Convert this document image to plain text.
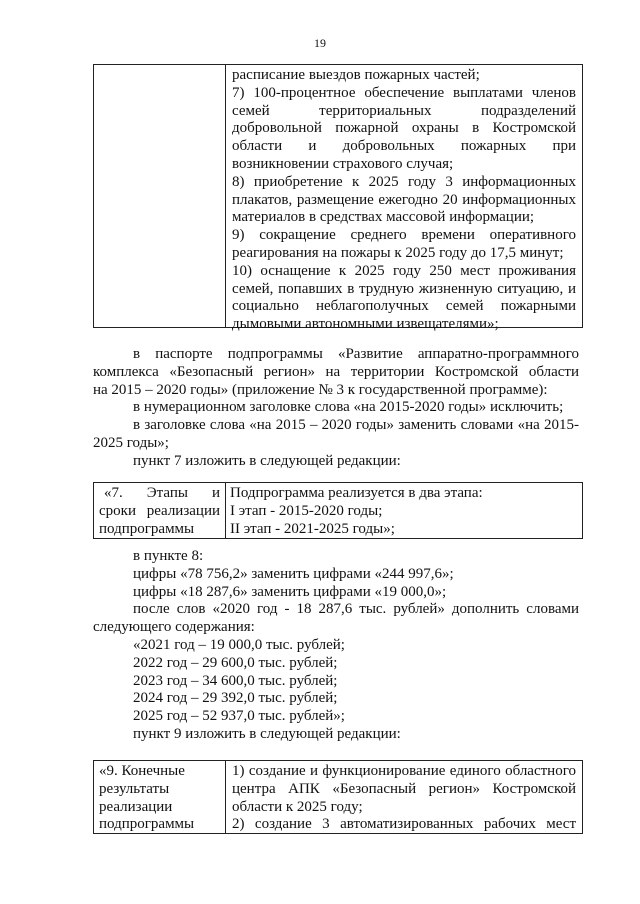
19
расписание выездов пожарных частей;
7) 100-процентное обеспечение выплатами членов
семей территориальных подразделений
добровольной пожарной охраны в Костромской
области и добровольных пожарных при
возникновении страхового случая;
8) приобретение к 2025 году 3 информационных
плакатов, размещение ежегодно 20 информационных
материалов в средствах массовой информации;
9) сокращение среднего времени оперативного
реагирования на пожары к 2025 году до 17,5 минут;
10) оснащение к 2025 году 250 мест проживания
семей, попавших в трудную жизненную ситуацию, и
социально неблагополучных семей пожарными
дымовыми автономными извещателями»;
в паспорте подпрограммы «Развитие аппаратно-программного
комплекса «Безопасный регион» на территории Костромской области
на 2015 – 2020 годы» (приложение № 3 к государственной программе):
в нумерационном заголовке слова «на 2015-2020 годы» исключить;
в заголовке слова «на 2015 – 2020 годы» заменить словами «на 2015-
2025 годы»;
пункт 7 изложить в следующей редакции:
«7. Этапы и
сроки реализации
подпрограммы
Подпрограмма реализуется в два этапа:
I этап - 2015-2020 годы;
II этап - 2021-2025 годы»;
в пункте 8:
цифры «78 756,2» заменить цифрами «244 997,6»;
цифры «18 287,6» заменить цифрами «19 000,0»;
после слов «2020 год - 18 287,6 тыс. рублей» дополнить словами
следующего содержания:
«2021 год – 19 000,0 тыс. рублей;
2022 год – 29 600,0 тыс. рублей;
2023 год – 34 600,0 тыс. рублей;
2024 год – 29 392,0 тыс. рублей;
2025 год – 52 937,0 тыс. рублей»;
пункт 9 изложить в следующей редакции:
«9. Конечные
результаты
реализации
подпрограммы
1) создание и функционирование единого областного
центра АПК «Безопасный регион» Костромской
области к 2025 году;
2) создание 3 автоматизированных рабочих мест
